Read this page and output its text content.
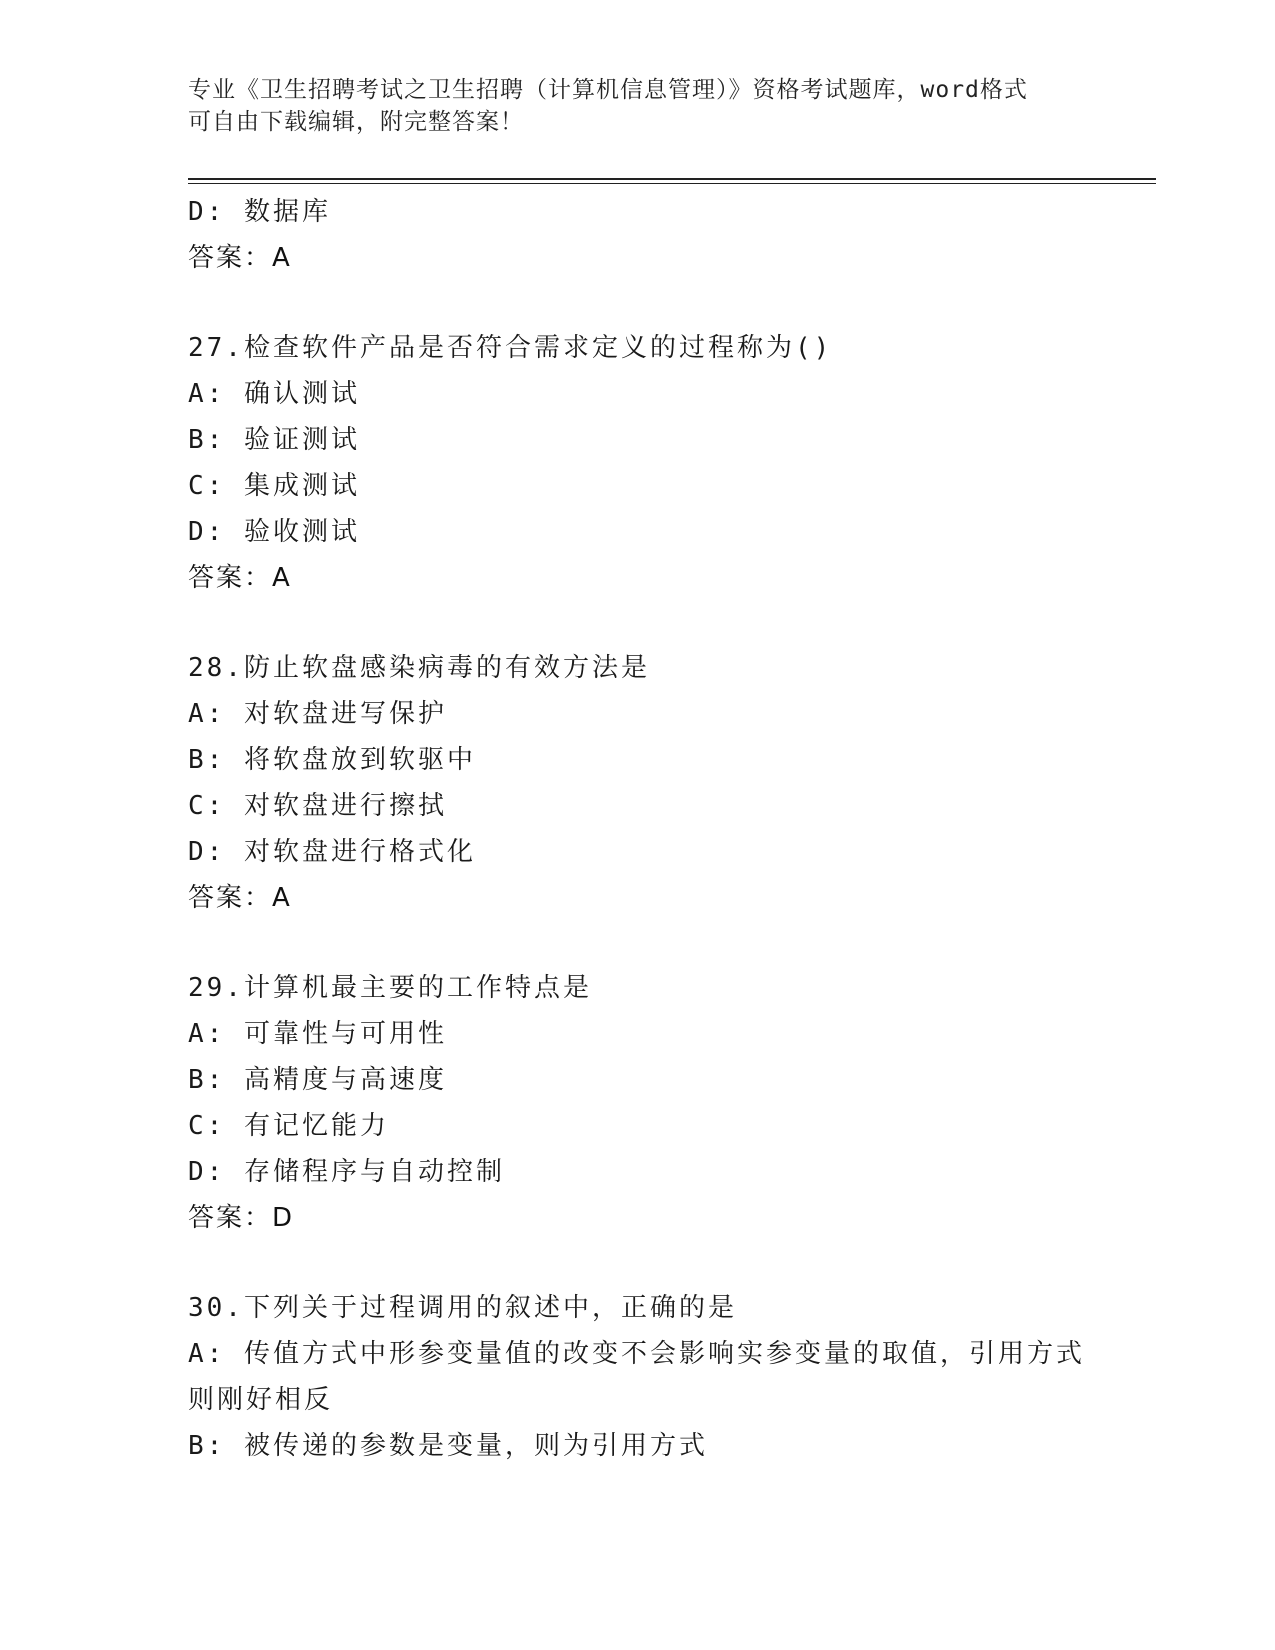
专业《卫生招聘考试之卫生招聘（计算机信息管理）》资格考试题库，word格式
可自由下载编辑，附完整答案！
D: 数据库
答案：A
27.检查软件产品是否符合需求定义的过程称为()
A: 确认测试
B: 验证测试
C: 集成测试
D: 验收测试
答案：A
28.防止软盘感染病毒的有效方法是
A: 对软盘进写保护
B: 将软盘放到软驱中
C: 对软盘进行擦拭
D: 对软盘进行格式化
答案：A
29.计算机最主要的工作特点是
A: 可靠性与可用性
B: 高精度与高速度
C: 有记忆能力
D: 存储程序与自动控制
答案：D
30.下列关于过程调用的叙述中，正确的是
A: 传值方式中形参变量值的改变不会影响实参变量的取值，引用方式
则刚好相反
B: 被传递的参数是变量，则为引用方式
